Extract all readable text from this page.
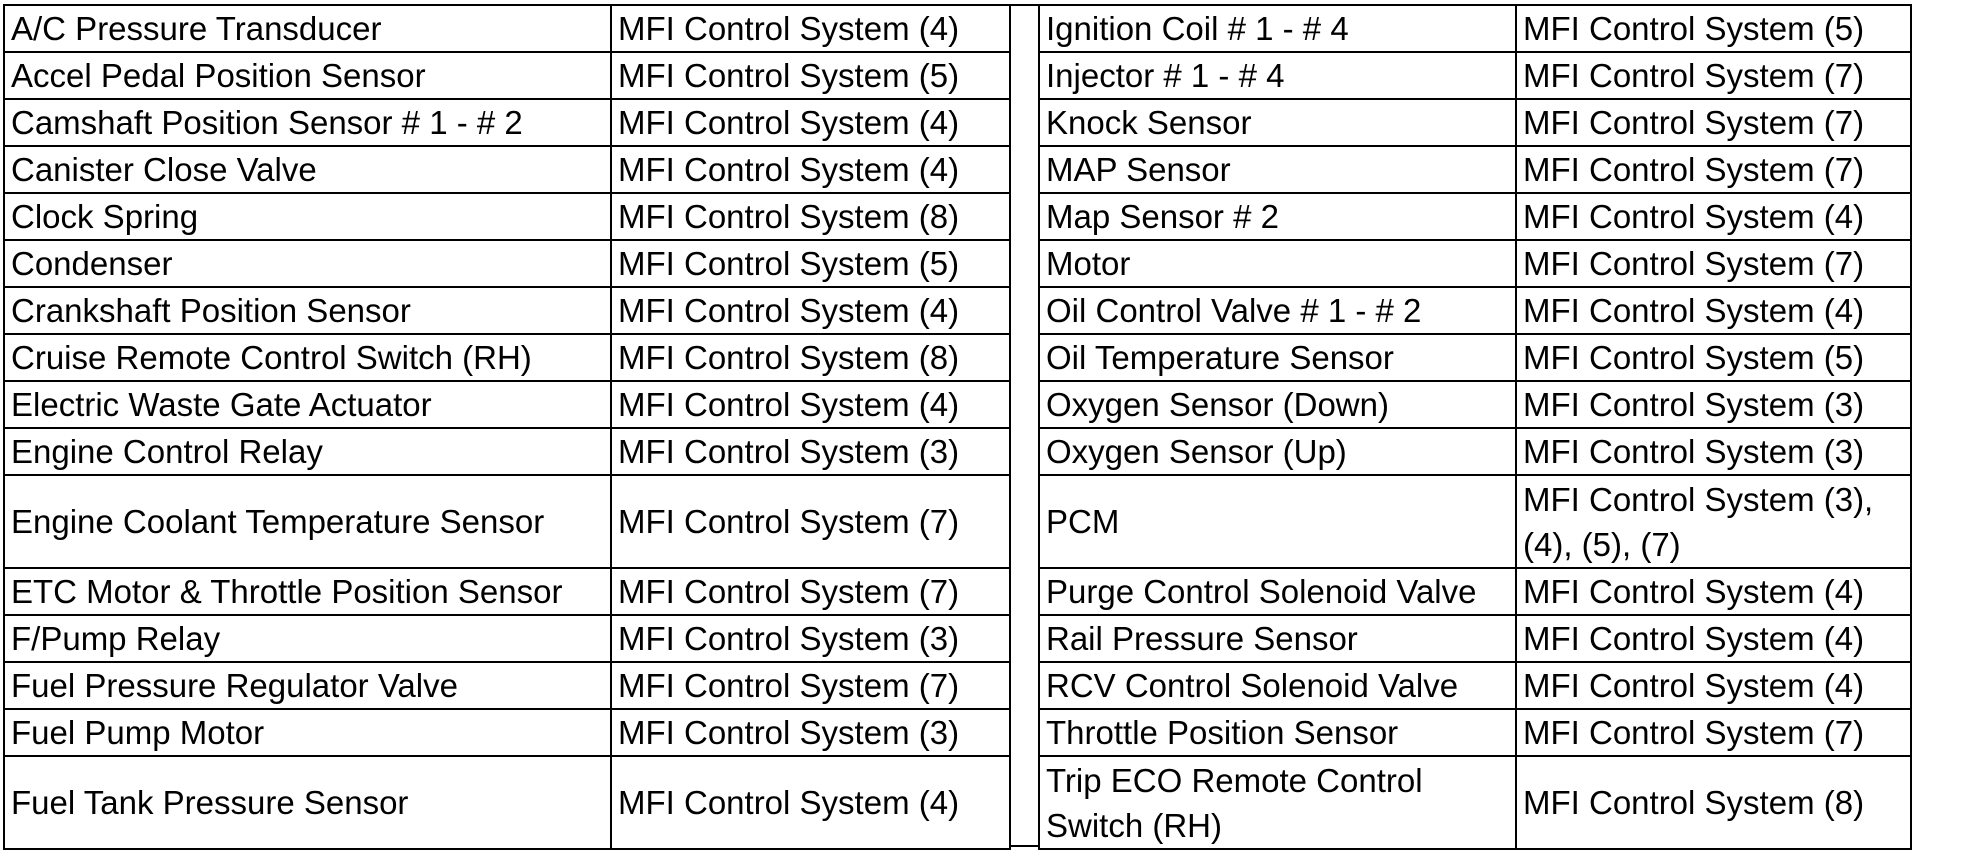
A/C Pressure Transducer	MFI Control System (4)
Accel Pedal Position Sensor	MFI Control System (5)
Camshaft Position Sensor # 1 - # 2	MFI Control System (4)
Canister Close Valve	MFI Control System (4)
Clock Spring	MFI Control System (8)
Condenser	MFI Control System (5)
Crankshaft Position Sensor	MFI Control System (4)
Cruise Remote Control Switch (RH)	MFI Control System (8)
Electric Waste Gate Actuator	MFI Control System (4)
Engine Control Relay	MFI Control System (3)
Engine Coolant Temperature Sensor	MFI Control System (7)
ETC Motor & Throttle Position Sensor	MFI Control System (7)
F/Pump Relay	MFI Control System (3)
Fuel Pressure Regulator Valve	MFI Control System (7)
Fuel Pump Motor	MFI Control System (3)
Fuel Tank Pressure Sensor	MFI Control System (4)
Ignition Coil # 1 - # 4	MFI Control System (5)
Injector # 1 - # 4	MFI Control System (7)
Knock Sensor	MFI Control System (7)
MAP Sensor	MFI Control System (7)
Map Sensor # 2	MFI Control System (4)
Motor	MFI Control System (7)
Oil Control Valve # 1 - # 2	MFI Control System (4)
Oil Temperature Sensor	MFI Control System (5)
Oxygen Sensor (Down)	MFI Control System (3)
Oxygen Sensor (Up)	MFI Control System (3)
PCM	MFI Control System (3), (4), (5), (7)
Purge Control Solenoid Valve	MFI Control System (4)
Rail Pressure Sensor	MFI Control System (4)
RCV Control Solenoid Valve	MFI Control System (4)
Throttle Position Sensor	MFI Control System (7)
Trip ECO Remote Control Switch (RH)	MFI Control System (8)
